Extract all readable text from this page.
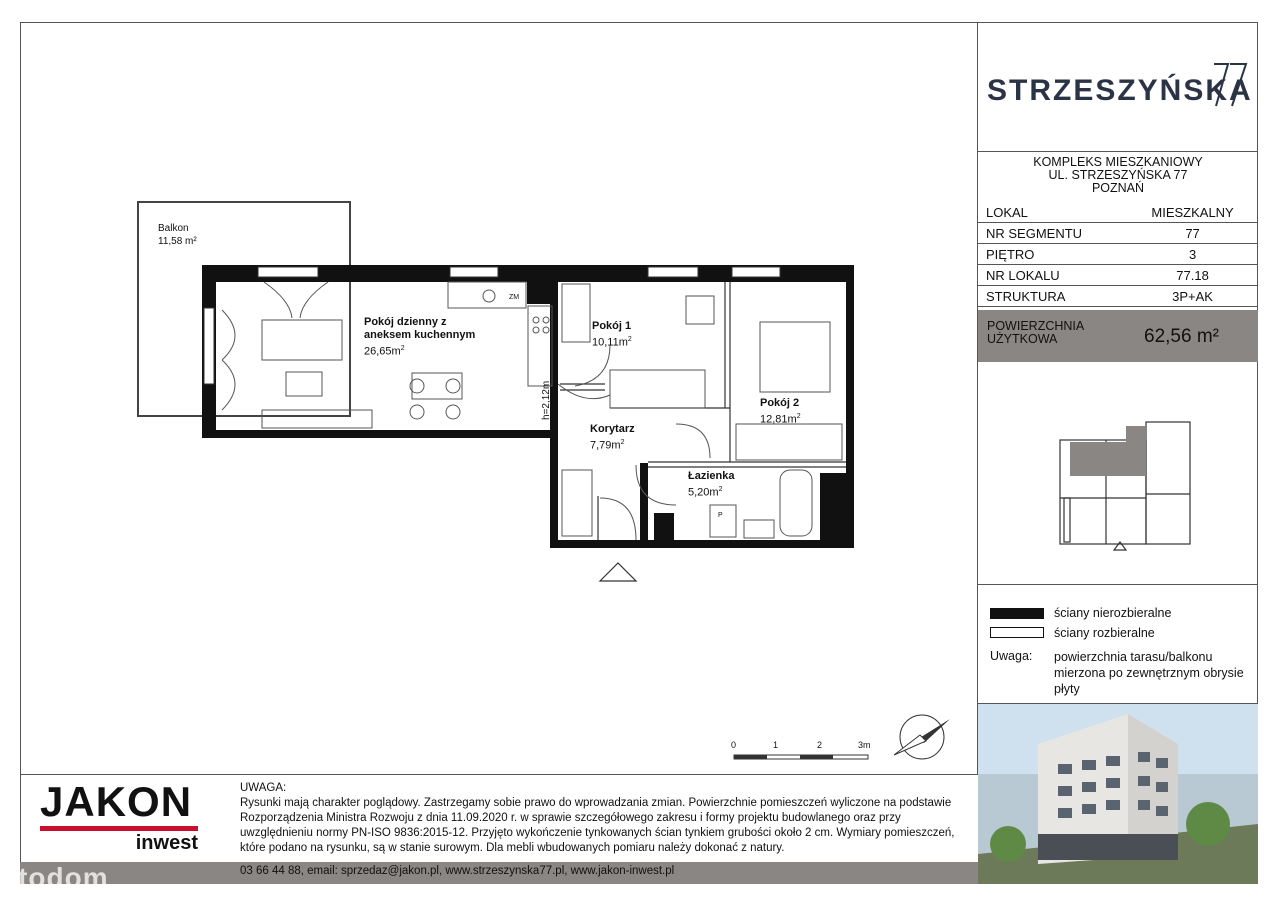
Balkon
11,58 m²
Pokój dzienny z
aneksem kuchennym
$26,65m^2$
Pokój 1
$10,11m^2$
Pokój 2
$12,81m^2$
Korytarz
$7,79m^2$
Łazienka
$5,20m^2$
h=2,12m
ZM
P
0	1	2	3m
STRZESZYŃSKA
KOMPLEKS MIESZKANIOWY
UL. STRZESZYŃSKA 77
POZNAŃ
LOKAL	MIESZKALNY
NR SEGMENTU	77
PIĘTRO	3
NR LOKALU	77.18
STRUKTURA	3P+AK
POWIERZCHNIA
UŻYTKOWA	62,56 m²
ściany nierozbieralne
ściany rozbieralne
Uwaga: powierzchnia tarasu/balkonu mierzona po zewnętrznym obrysie płyty
JAKON
inwest
UWAGA:
Rysunki mają charakter poglądowy. Zastrzegamy sobie prawo do wprowadzania zmian. Powierzchnie pomieszczeń wyliczone na podstawie Rozporządzenia Ministra Rozwoju z dnia 11.09.2020 r. w sprawie szczegółowego zakresu i formy projektu budowlanego oraz przy uwzględnieniu normy PN-ISO 9836:2015-12. Przyjęto wykończenie tynkowanych ścian tynkiem grubości około 2 cm. Wymiary pomieszczeń, które podano na rysunku, są w stanie surowym. Dla mebli wbudowanych pomiaru należy dokonać z natury.
03 66 44 88, email: sprzedaz@jakon.pl, www.strzeszynska77.pl, www.jakon-inwest.pl
otodom
